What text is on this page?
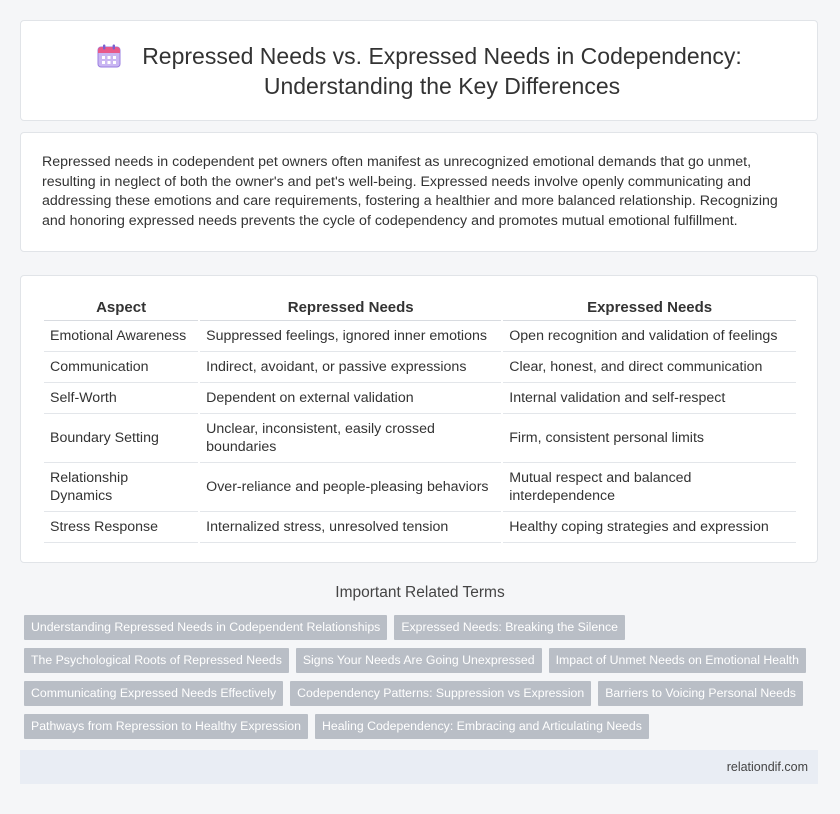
Repressed Needs vs. Expressed Needs in Codependency:
Understanding the Key Differences

Repressed needs in codependent pet owners often manifest as unrecognized emotional demands that go unmet, resulting in neglect of both the owner's and pet's well-being. Expressed needs involve openly communicating and addressing these emotions and care requirements, fostering a healthier and more balanced relationship. Recognizing and honoring expressed needs prevents the cycle of codependency and promotes mutual emotional fulfillment.

Aspect	Repressed Needs	Expressed Needs
Emotional Awareness	Suppressed feelings, ignored inner emotions	Open recognition and validation of feelings
Communication	Indirect, avoidant, or passive expressions	Clear, honest, and direct communication
Self-Worth	Dependent on external validation	Internal validation and self-respect
Boundary Setting	Unclear, inconsistent, easily crossed boundaries	Firm, consistent personal limits
Relationship Dynamics	Over-reliance and people-pleasing behaviors	Mutual respect and balanced interdependence
Stress Response	Internalized stress, unresolved tension	Healthy coping strategies and expression
Important Related Terms
Understanding Repressed Needs in Codependent Relationships	Expressed Needs: Breaking the Silence
The Psychological Roots of Repressed Needs	Signs Your Needs Are Going Unexpressed	Impact of Unmet Needs on Emotional Health
Communicating Expressed Needs Effectively	Codependency Patterns: Suppression vs Expression	Barriers to Voicing Personal Needs
Pathways from Repression to Healthy Expression	Healing Codependency: Embracing and Articulating Needs
relationdif.com
